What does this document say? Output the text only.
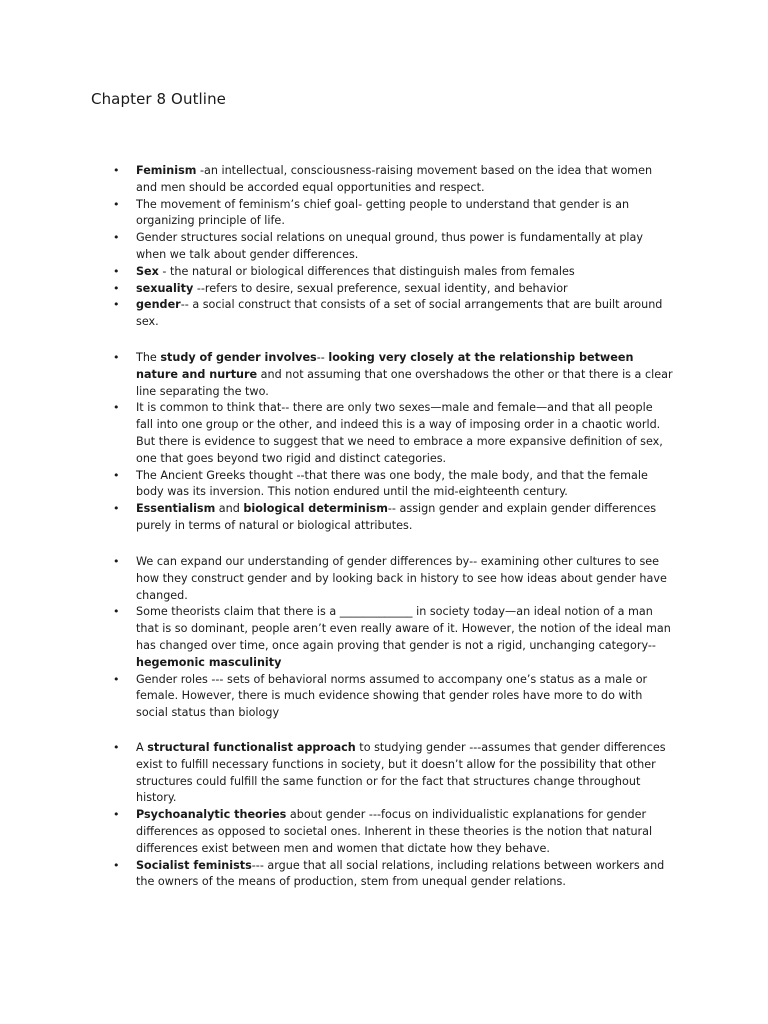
Chapter 8 Outline
• Feminism -an intellectual, consciousness-raising movement based on the idea that women and men should be accorded equal opportunities and respect.
• The movement of feminism’s chief goal- getting people to understand that gender is an organizing principle of life.
• Gender structures social relations on unequal ground, thus power is fundamentally at play when we talk about gender differences.
• Sex - the natural or biological differences that distinguish males from females
• sexuality --refers to desire, sexual preference, sexual identity, and behavior
• gender-- a social construct that consists of a set of social arrangements that are built around sex.
• The study of gender involves-- looking very closely at the relationship between nature and nurture and not assuming that one overshadows the other or that there is a clear line separating the two.
• It is common to think that-- there are only two sexes—male and female—and that all people fall into one group or the other, and indeed this is a way of imposing order in a chaotic world. But there is evidence to suggest that we need to embrace a more expansive definition of sex, one that goes beyond two rigid and distinct categories.
• The Ancient Greeks thought --that there was one body, the male body, and that the female body was its inversion. This notion endured until the mid-eighteenth century.
• Essentialism and biological determinism-- assign gender and explain gender differences purely in terms of natural or biological attributes.
• We can expand our understanding of gender differences by-- examining other cultures to see how they construct gender and by looking back in history to see how ideas about gender have changed.
• Some theorists claim that there is a _____________ in society today—an ideal notion of a man that is so dominant, people aren’t even really aware of it. However, the notion of the ideal man has changed over time, once again proving that gender is not a rigid, unchanging category-- hegemonic masculinity
• Gender roles --- sets of behavioral norms assumed to accompany one’s status as a male or female. However, there is much evidence showing that gender roles have more to do with social status than biology
• A structural functionalist approach to studying gender ---assumes that gender differences exist to fulfill necessary functions in society, but it doesn’t allow for the possibility that other structures could fulfill the same function or for the fact that structures change throughout history.
• Psychoanalytic theories about gender ---focus on individualistic explanations for gender differences as opposed to societal ones. Inherent in these theories is the notion that natural differences exist between men and women that dictate how they behave.
• Socialist feminists--- argue that all social relations, including relations between workers and the owners of the means of production, stem from unequal gender relations.
